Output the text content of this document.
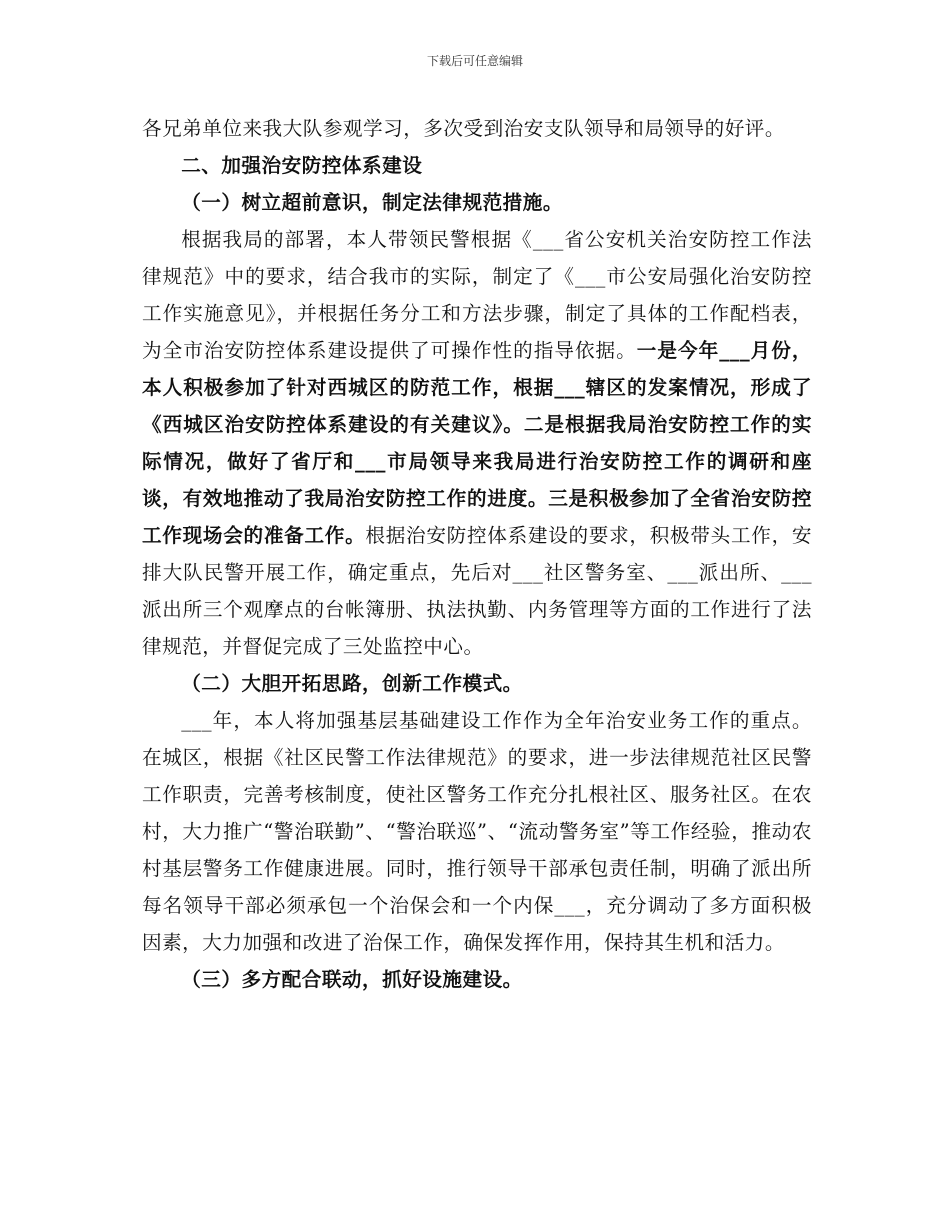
下载后可任意编辑

各兄弟单位来我大队参观学习，多次受到治安支队领导和局领导的好评。

二、加强治安防控体系建设

（一）树立超前意识，制定法律规范措施。

根据我局的部署，本人带领民警根据《___省公安机关治安防控工作法律规范》中的要求，结合我市的实际，制定了《___市公安局强化治安防控工作实施意见》，并根据任务分工和方法步骤，制定了具体的工作配档表，为全市治安防控体系建设提供了可操作性的指导依据。一是今年___月份，本人积极参加了针对西城区的防范工作，根据___辖区的发案情况，形成了《西城区治安防控体系建设的有关建议》。二是根据我局治安防控工作的实际情况，做好了省厅和___市局领导来我局进行治安防控工作的调研和座谈，有效地推动了我局治安防控工作的进度。三是积极参加了全省治安防控工作现场会的准备工作。根据治安防控体系建设的要求，积极带头工作，安排大队民警开展工作，确定重点，先后对___社区警务室、___派出所、___派出所三个观摩点的台帐簿册、执法执勤、内务管理等方面的工作进行了法律规范，并督促完成了三处监控中心。

（二）大胆开拓思路，创新工作模式。

___年，本人将加强基层基础建设工作作为全年治安业务工作的重点。在城区，根据《社区民警工作法律规范》的要求，进一步法律规范社区民警工作职责，完善考核制度，使社区警务工作充分扎根社区、服务社区。在农村，大力推广“警治联勤”、“警治联巡”、“流动警务室”等工作经验，推动农村基层警务工作健康进展。同时，推行领导干部承包责任制，明确了派出所每名领导干部必须承包一个治保会和一个内保___，充分调动了多方面积极因素，大力加强和改进了治保工作，确保发挥作用，保持其生机和活力。

（三）多方配合联动，抓好设施建设。
